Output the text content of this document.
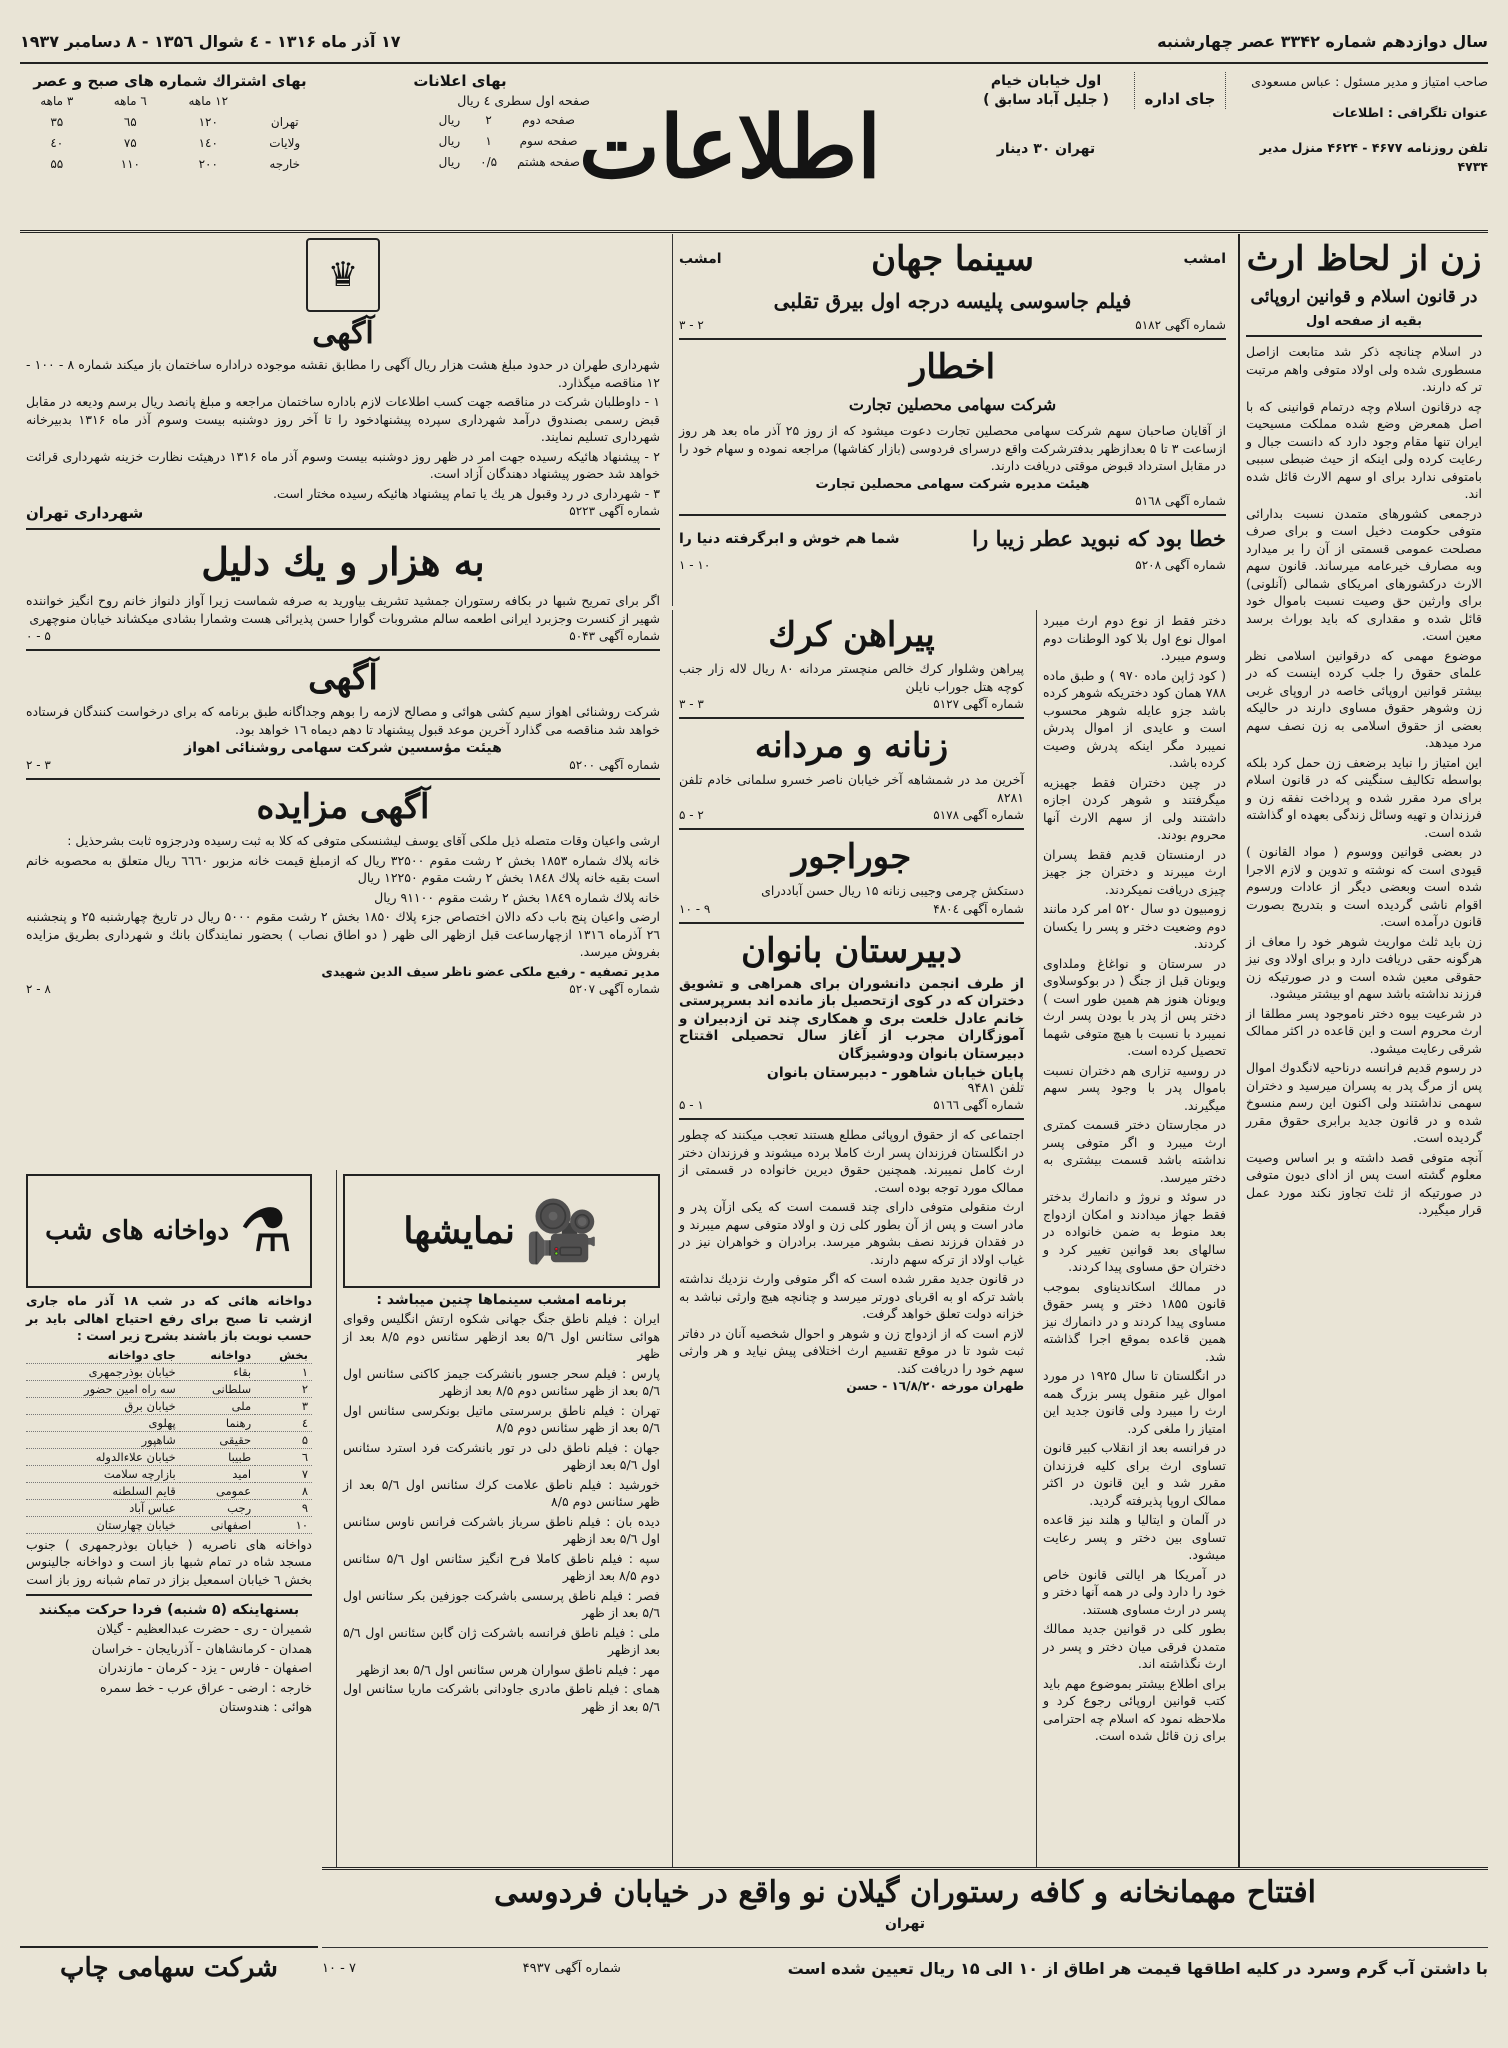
سال دوازدهم شماره ۳۳۴۲ عصر چهارشنبه
۱۷ آذر ماه ۱۳۱۶ - ٤ شوال ۱۳۵٦ - ۸ دسامبر ۱۹۳۷
صاحب امتیاز و مدیر مسئول : عباس مسعودی
عنوان تلگرافی : اطلاعات
تلفن روزنامه ۴۶۷۷ - ۴۶۲۴ منزل مدیر ۴۷۳۴
جای اداره
اول خیابان خیام
( جلیل آباد سابق )
تهران ۳۰ دینار
اطلاعات
بهای اعلانات
صفحه اول سطری ٤ ریال
صفحه دوم	۲	ریال
صفحه سوم	۱	ریال
صفحه هشتم	۰/۵	ریال
بهای اشتراك شماره های صبح و عصر
	۱۲ ماهه	٦ ماهه	۳ ماهه
تهران	۱۲۰	٦۵	۳۵
ولایات	۱٤۰	۷۵	٤۰
خارجه	۲۰۰	۱۱۰	۵۵
زن از لحاظ ارث
در قانون اسلام و قوانین اروپائی
بقیه از صفحه اول

در اسلام چنانچه ذکر شد متابعت ازاصل مسطوری شده ولی اولاد متوفی واهم مرتبت تر که دارند.

چه درقانون اسلام وچه درتمام قوانینی که با اصل همعرض وضع شده مملکت مسیحیت ایران تنها مقام وجود دارد که دانست جبال و رعایت کرده ولی اینکه از حیث ضبطی سببی بامتوفی ندارد برای او سهم الارث قائل شده اند.

درجمعی کشورهای متمدن نسبت بدارائی متوفی حکومت دخیل است و برای صرف مصلحت عمومی قسمتی از آن را بر میدارد وبه مصارف خیرعامه میرساند. قانون سهم الارث درکشورهای امریکای شمالی (آنلونی) برای وارثین حق وصیت نسبت باموال خود قائل شده و مقداری که باید بوراث برسد معین است.

موضوع مهمی که درقوانین اسلامی نظر علمای حقوق را جلب کرده اینست که در بیشتر قوانین اروپائی خاصه در اروپای غربی زن وشوهر حقوق مساوی دارند در حالیکه بعضی از حقوق اسلامی به زن نصف سهم مرد میدهد.

این امتیاز را نباید برضعف زن حمل کرد بلکه بواسطه تکالیف سنگینی که در قانون اسلام برای مرد مقرر شده و پرداخت نفقه زن و فرزندان و تهیه وسائل زندگی بعهده او گذاشته شده است.

در بعضی قوانین ووسوم ( مواد القانون ) قیودی است که نوشته و تدوین و لازم الاجرا شده است وبعضی دیگر از عادات ورسوم اقوام ناشی گردیده است و بتدریج بصورت قانون درآمده است.

زن باید ثلث مواریث شوهر خود را معاف از هرگونه حقی دریافت دارد و برای اولاد وی نیز حقوقی معین شده است و در صورتیکه زن فرزند نداشته باشد سهم او بیشتر میشود.

در شرعیت بیوه دختر ناموجود پسر مطلقا از ارث محروم است و این قاعده در اکثر ممالک شرقی رعایت میشود.

در رسوم قدیم فرانسه درناحیه لانگدوك اموال پس از مرگ پدر به پسران میرسید و دختران سهمی نداشتند ولی اکنون این رسم منسوخ شده و در قانون جدید برابری حقوق مقرر گردیده است.

آنچه متوفی قصد داشته و بر اساس وصیت معلوم گشته است پس از ادای دیون متوفی در صورتیکه از ثلث تجاوز نکند مورد عمل قرار میگیرد.

دختر فقط از نوع دوم ارث میبرد اموال نوع اول بلا کود الوطنات دوم وسوم میبرد.

( کود ژاپن ماده ۹۷۰ ) و طبق ماده ۷۸۸ همان کود دختریکه شوهر کرده باشد جزو عایله شوهر محسوب است و عایدی از اموال پدرش نمیبرد مگر اینکه پدرش وصیت کرده باشد.

در چین دختران فقط جهیزیه میگرفتند و شوهر کردن اجازه داشتند ولی از سهم الارث آنها محروم بودند.

در ارمنستان قدیم فقط پسران ارث میبرند و دختران جز جهیز چیزی دریافت نمیکردند.

زومبیون دو سال ۵۲۰ امر کرد مانند دوم وضعیت دختر و پسر را یکسان کردند.

در سرستان و نواغاغ وملداوی ویونان قبل از جنگ ( در بوکوسلاوی ویونان هنوز هم همین طور است ) دختر پس از پدر با بودن پسر ارث نمیبرد با نسبت با هیچ متوفی شهما تحصیل کرده است.

در روسیه تزاری هم دختران نسبت باموال پدر با وجود پسر سهم میگیرند.

در مجارستان دختر قسمت کمتری ارث میبرد و اگر متوفی پسر نداشته باشد قسمت بیشتری به دختر میرسد.

در سوئد و نروژ و دانمارك بدختر فقط جهاز میدادند و امکان ازدواج بعد منوط به ضمن خانواده در سالهای بعد قوانین تغییر کرد و دختران حق مساوی پیدا کردند.

در ممالك اسکاندیناوی بموجب قانون ۱۸۵۵ دختر و پسر حقوق مساوی پیدا کردند و در دانمارك نیز همین قاعده بموقع اجرا گذاشته شد.

در انگلستان تا سال ۱۹۲۵ در مورد اموال غیر منقول پسر بزرگ همه ارث را میبرد ولی قانون جدید این امتیاز را ملغی کرد.

در فرانسه بعد از انقلاب کبیر قانون تساوی ارث برای کلیه فرزندان مقرر شد و این قانون در اکثر ممالک اروپا پذیرفته گردید.

در آلمان و ایتالیا و هلند نیز قاعده تساوی بین دختر و پسر رعایت میشود.

در آمریکا هر ایالتی قانون خاص خود را دارد ولی در همه آنها دختر و پسر در ارث مساوی هستند.

بطور کلی در قوانین جدید ممالك متمدن فرقی میان دختر و پسر در ارث نگذاشته اند.

برای اطلاع بیشتر بموضوع مهم باید کتب قوانین اروپائی رجوع کرد و ملاحظه نمود که اسلام چه احترامی برای زن قائل شده است.

امشب
سینما جهان
امشب
فیلم جاسوسی پلیسه درجه اول بیرق تقلبی
شماره آگهی ۵۱۸۲
۲ - ۳
اخطار
شرکت سهامی محصلین تجارت

از آقایان صاحبان سهم شرکت سهامی محصلین تجارت دعوت میشود که از روز ۲۵ آذر ماه بعد هر روز ازساعت ۳ تا ۵ بعدازظهر بدفترشرکت واقع درسرای فردوسی (بازار کفاشها) مراجعه نموده و سهام خود را در مقابل استرداد قبوض موقتی دریافت دارند.

هیئت مدیره شرکت سهامی محصلین تجارت
شماره آگهی ۵۱٦۸
خطا بود که نبوید عطر زیبا را
شما هم خوش و ابرگرفته دنیا را
شماره آگهی ۵۲۰۸
۱۰ - ۱
پیراهن کرك

پیراهن وشلوار کرك خالص منچستر مردانه ۸۰ ریال لاله زار جنب کوچه هتل جوراب نایلن

شماره آگهی ۵۱۲۷
۳ - ۳
زنانه و مردانه

آخرین مد در شمشاهه آخر خیابان ناصر خسرو سلمانی خادم تلفن ۸۲۸۱

شماره آگهی ۵۱۷۸
۲ - ۵
جوراجور

دستکش چرمی وجیبی زنانه ۱۵ ریال حسن آباددرای

شماره آگهی ۴۸۰٤
۹ - ۱۰
دبیرستان بانوان

از طرف انجمن دانشوران برای همراهی و تشویق دختران که در کوی ازتحصیل باز مانده اند بسرپرستی خانم عادل خلعت بری و همکاری چند تن ازدبیران و آموزگاران مجرب از آغاز سال تحصیلی اقتتاح دبیرستان بانوان ودوشیزگان

پایان خیابان شاهور - دبیرستان بانوان
تلفن ۹۴۸۱
شماره آگهی ۵۱٦٦
۱ - ۵

اجتماعی که از حقوق اروپائی مطلع هستند تعجب میکنند که چطور در انگلستان فرزندان پسر ارث کاملا برده میشوند و فرزندان دختر ارث کامل نمیبرند. همچنین حقوق دیرین خانواده در قسمتی از ممالک مورد توجه بوده است.

ارث منقولی متوفی دارای چند قسمت است که یکی ازآن پدر و مادر است و پس از آن بطور کلی زن و اولاد متوفی سهم میبرند و در فقدان فرزند نصف بشوهر میرسد. برادران و خواهران نیز در غیاب اولاد از ترکه سهم دارند.

در قانون جدید مقرر شده است که اگر متوفی وارث نزدیك نداشته باشد ترکه او به اقربای دورتر میرسد و چنانچه هیچ وارثی نباشد به خزانه دولت تعلق خواهد گرفت.

لازم است که از ازدواج زن و شوهر و احوال شخصیه آنان در دفاتر ثبت شود تا در موقع تقسیم ارث اختلافی پیش نیاید و هر وارثی سهم خود را دریافت کند.

طهران مورخه ۱٦/۸/۲۰ - حسن
♛
آگهی

شهرداری طهران در حدود مبلغ هشت هزار ریال آگهی را مطابق نقشه موجوده دراداره ساختمان باز میکند شماره ۸ - ۱۰۰ - ۱۲ مناقصه میگذارد.

۱ - داوطلبان شرکت در مناقصه جهت کسب اطلاعات لازم باداره ساختمان مراجعه و مبلغ پانصد ریال برسم ودیعه در مقابل قبض رسمی بصندوق درآمد شهرداری سپرده پیشنهادخود را تا آخر روز دوشنبه بیست وسوم آذر ماه ۱۳۱۶ بدبیرخانه شهرداری تسلیم نمایند.

۲ - پیشنهاد هائیکه رسیده جهت امر در ظهر روز دوشنبه بیست وسوم آذر ماه ۱۳۱۶ درهیئت نظارت خزینه شهرداری قرائت خواهد شد حضور پیشنهاد دهندگان آزاد است.

۳ - شهرداری در رد وقبول هر یك یا تمام پیشنهاد هائیکه رسیده مختار است.

شماره آگهی ۵۲۲۳
شهرداری تهران
به هزار و یك دلیل

اگر برای تمریح شبها در بکافه رستوران جمشید تشریف بیاورید به صرفه شماست زیرا آواز دلنواز خانم روح انگیز خواننده شهیر از کنسرت وجزبرد ایرانی اطعمه سالم مشروبات گوارا حسن پذیرائی هست وشمارا بشادی میکشاند خیابان منوچهری

شماره آگهی ۵۰۴۳
۵ - ۰
آگهی

شرکت روشنائی اهواز سیم کشی هوائی و مصالح لازمه را بوهم وجداگانه طبق برنامه که برای درخواست کنندگان فرستاده خواهد شد مناقصه می گذارد آخرین موعد قبول پیشنهاد تا دهم دیماه ۱٦ خواهد بود.

هیئت مؤسسین شرکت سهامی روشنائی اهواز
شماره آگهی ۵۲۰۰
۳ - ۲
آگهی مزایده

ارشی واعیان وقات متصله ذیل ملکی آقای یوسف لیشنسکی متوفی که کلا به ثبت رسیده ودرجزوه ثابت بشرحذیل :

خانه پلاك شماره ۱۸۵۳ بخش ۲ رشت مقوم ۳۲۵۰۰ ریال که ازمبلغ قیمت خانه مزبور ٦٦٦۰ ریال متعلق به محصوبه خانم است بقیه خانه پلاك ۱۸٤۸ بخش ۲ رشت مقوم ۱۲۲۵۰ ریال

خانه پلاك شماره ۱۸٤۹ بخش ۲ رشت مقوم ۹۱۱۰۰ ریال

ارضی واعیان پنج باب دکه دالان اختصاص جزء پلاك ۱۸۵۰ بخش ۲ رشت مقوم ۵۰۰۰ ریال در تاریخ چهارشنبه ۲۵ و پنجشنبه ۲٦ آذرماه ۱۳۱٦ ازچهارساعت قبل ازظهر الی ظهر ( دو اطاق نصاب ) بحضور نمایندگان بانك و شهرداری بطریق مزایده بفروش میرسد.

مدیر تصفیه - رفیع ملکی عضو ناظر سیف الدین شهیدی

شماره آگهی ۵۲۰۷
۸ - ۲
🎥
نمایشها
برنامه امشب سینماها چنین میباشد :

ایران : فیلم ناطق جنگ جهانی شکوه ارتش انگلیس وقوای هوائی سئانس اول ۵/٦ بعد ازظهر سئانس دوم ۸/۵ بعد از ظهر

پارس : فیلم سحر جسور بانشرکت جیمز کاکنی سئانس اول ۵/٦ بعد از ظهر سئانس دوم ۸/۵ بعد ازظهر

تهران : فیلم ناطق برسرستی ماتیل بونکرسی سئانس اول ۵/٦ بعد از ظهر سئانس دوم ۸/۵

جهان : فیلم ناطق دلی در تور بانشرکت فرد استرد سئانس اول ۵/٦ بعد ازظهر

خورشید : فیلم ناطق علامت کرك سئانس اول ۵/٦ بعد از ظهر سئانس دوم ۸/۵

دیده بان : فیلم ناطق سرباز باشرکت فرانس ناوس سئانس اول ۵/٦ بعد ازظهر

سپه : فیلم ناطق کاملا فرح انگیز سئانس اول ۵/٦ سئانس دوم ۸/۵ بعد ازظهر

فصر : فیلم ناطق پرسسی باشرکت جوزفین بکر سئانس اول ۵/٦ بعد از ظهر

ملی : فیلم ناطق فرانسه باشرکت ژان گابن سئانس اول ۵/٦ بعد ازظهر

مهر : فیلم ناطق سواران هرس سئانس اول ۵/٦ بعد ازظهر

همای : فیلم ناطق مادری جاودانی باشرکت ماریا سئانس اول ۵/٦ بعد از ظهر

⚗
دواخانه های شب

دواخانه هائی که در شب ۱۸ آذر ماه جاری ازشب تا صبح برای رفع احتیاج اهالی باید بر حسب نوبت باز باشند بشرح زیر است :

بخش	دواخانه	جای دواخانه
۱	بقاء	خیابان بوذرجمهری
۲	سلطانی	سه راه امین حضور
۳	ملی	خیابان برق
٤	رهنما	پهلوی
۵	حقیقی	شاهپور
٦	طبیبا	خیابان علاءالدوله
۷	امید	بازارچه سلامت
۸	عمومی	قایم السلطنه
۹	رجب	عباس آباد
۱۰	اصفهانی	خیابان چهارستان

دواخانه های ناصریه ( خیابان بوذرجمهری ) جنوب مسجد شاه در تمام شبها باز است و دواخانه جالینوس بخش ٦ خیابان اسمعیل بزاز در تمام شبانه روز باز است

بسنهاینکه (۵ شنبه) فردا حرکت میکنند

شمیران - ری - حضرت عبدالعظیم - گیلان

همدان - کرمانشاهان - آذربایجان - خراسان

اصفهان - فارس - یزد - کرمان - مازندران

خارجه : ارضی - عراق عرب - خط سمره

هوائی : هندوستان

شرکت سهامی چاپ
افتتاح مهمانخانه و کافه رستوران گیلان نو واقع در خیابان فردوسی
تهران
با داشتن آب گرم وسرد در کلیه اطاقها قیمت هر اطاق از ۱۰ الی ۱۵ ریال تعیین شده است
شماره آگهی ۴۹۳۷
۷ - ۱۰
